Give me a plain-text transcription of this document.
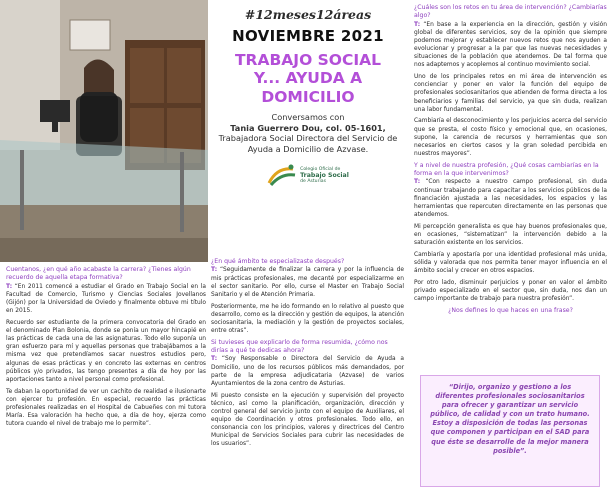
#12meses12áreas
NOVIEMBRE 2021
TRABAJO SOCIAL
Y... AYUDA A
DOMICILIO
Conversamos con
Tania Guerrero Dou, col. 05-1601,
Trabajadora Social Directora del Servicio de Ayuda a Domicilio de Azvase.
Colegio Oficial de
Trabajo Social
de Asturias
Cuentanos, ¿en qué año acabaste la carrera? ¿Tienes algún recuerdo de aquella etapa formativa?

T: “En 2011 comencé a estudiar el Grado en Trabajo Social en la Facultad de Comercio, Turismo y Ciencias Sociales Jovellanos (Gijón) por la Universidad de Oviedo y finalmente obtuve mi título en 2015.

Recuerdo ser estudiante de la primera convocatoria del Grado en el denominado Plan Bolonia, donde se ponía un mayor hincapié en las prácticas de cada una de las asignaturas. Todo ello suponía un gran esfuerzo para mí y aquellas personas que trabajábamos a la misma vez que pretendíamos sacar nuestros estudios pero, algunas de esas prácticas y en concreto las externas en centros públicos y/o privados, las tengo presentes a día de hoy por las aportaciones tanto a nivel personal como profesional.

Te daban la oportunidad de ver un cachito de realidad e ilusionarte con ejercer tu profesión. En especial, recuerdo las prácticas profesionales realizadas en el Hospital de Cabueñes con mi tutora María. Esa valoración ha hecho que, a día de hoy, ejerza como tutora cuando el nivel de trabajo me lo permite”.

¿En qué ámbito te especializaste después?

T: “Seguidamente de finalizar la carrera y por la influencia de mis prácticas profesionales, me decanté por especializarme en el sector sanitario. Por ello, curse el Master en Trabajo Social Sanitario y el de Atención Primaria.

Posteriormente, me he ido formando en lo relativo al puesto que desarrollo, como es la dirección y gestión de equipos, la atención sociosanitaria, la mediación y la gestión de proyectos sociales, entre otras”.

Si tuvieses que explicarlo de forma resumida, ¿cómo nos dirías a qué te dedicas ahora?

T: “Soy Responsable o Directora del Servicio de Ayuda a Domicilio, uno de los recursos públicos más demandados, por parte de la empresa adjudicataria (Azvase) de varios Ayuntamientos de la zona centro de Asturias.

Mi puesto consiste en la ejecución y supervisión del proyecto técnico, así como la planificación, organización, dirección y control general del servicio junto con el equipo de Auxiliares, el equipo de Coordinación y otros profesionales. Todo ello, en consonancia con los principios, valores y directrices del Centro Municipal de Servicios Sociales para cubrir las necesidades de los usuarios”.

¿Cuáles son los retos en tu área de intervención? ¿Cambiarías algo?

T: “En base a la experiencia en la dirección, gestión y visión global de diferentes servicios, soy de la opinión que siempre podemos mejorar y establecer nuevos retos que nos ayuden a evolucionar y progresar a la par que las nuevas necesidades y situaciones de la población que atendemos. De tal forma que nos adaptemos y acoplemos al continuo movimiento social.

Uno de los principales retos en mi área de intervención es concienciar y poner en valor la función del equipo de profesionales sociosanitarios que atienden de forma directa a los beneficiarios y familias del servicio, ya que sin duda, realizan una labor fundamental.

Cambiaría el desconocimiento y los perjuicios acerca del servicio que se presta, el costo físico y emocional que, en ocasiones, supone, la carencia de recursos y herramientas que son necesarios en ciertos casos y la gran soledad percibida en nuestros mayores”.

Y a nivel de nuestra profesión, ¿Qué cosas cambiarías en la forma en la que intervenimos?

T: “Con respecto a nuestro campo profesional, sin duda continuar trabajando para capacitar a los servicios públicos de la financiación ajustada a las necesidades, los espacios y las herramientas que repercuten directamente en las personas que atendemos.

Mi percepción generalista es que hay buenos profesionales que, en ocasiones, “sistematizan” la intervención debido a la saturación existente en los servicios.

Cambiaría y apostaría por una identidad profesional más unida, sólida y valorada que nos permita tener mayor influencia en el ámbito social y crecer en otros espacios.

Por otro lado, disminuir perjuicios y poner en valor el ámbito privado especializado en el sector que, sin duda, nos dan un campo importante de trabajo para nuestra profesión”.

¿Nos defines lo que haces en una frase?

“Dirijo, organizo y gestiono a los diferentes profesionales sociosanitarios para ofrecer y garantizar un servicio público, de calidad y con un trato humano. Estoy a disposición de todas las personas que componen y participan en el SAD para que éste se desarrolle de la mejor manera posible”.
